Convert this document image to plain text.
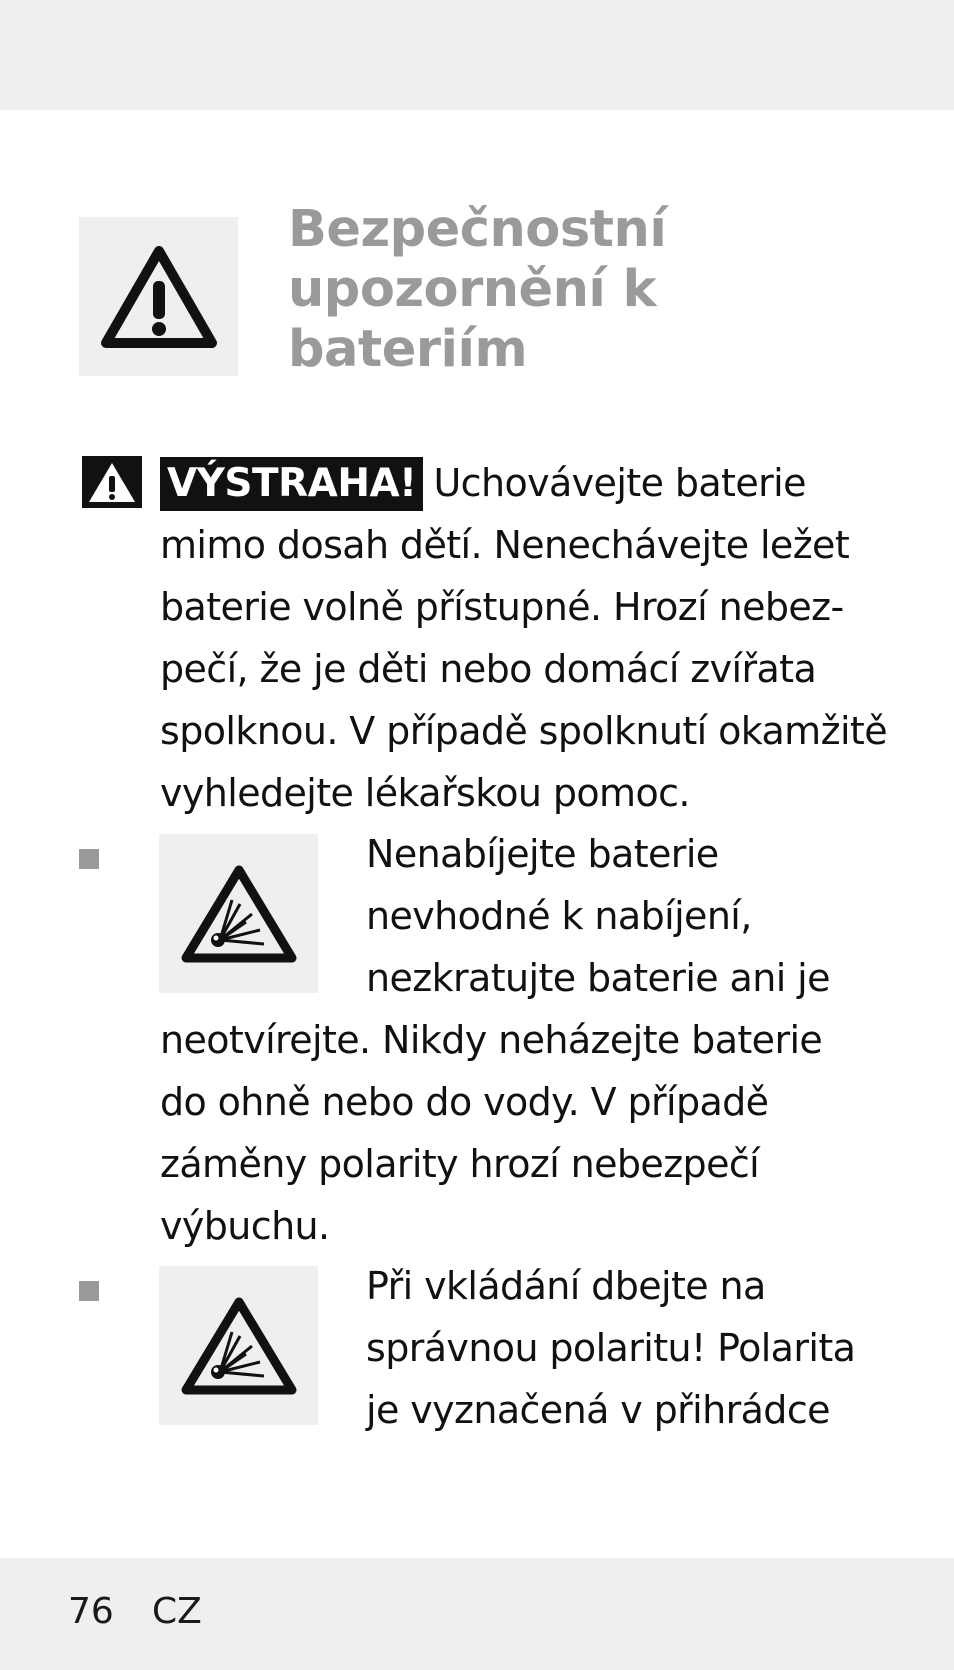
Bezpečnostní
upozornění k
bateriím
VÝSTRAHA! Uchovávejte baterie
mimo dosah dětí. Nenechávejte ležet
baterie volně přístupné. Hrozí nebez-
pečí, že je děti nebo domácí zvířata
spolknou. V případě spolknutí okamžitě
vyhledejte lékařskou pomoc.
Nenabíjejte baterie
nevhodné k nabíjení,
nezkratujte baterie ani je
neotvírejte. Nikdy neházejte baterie
do ohně nebo do vody. V případě
záměny polarity hrozí nebezpečí
výbuchu.
Při vkládání dbejte na
správnou polaritu! Polarita
je vyznačená v přihrádce
76 CZ
